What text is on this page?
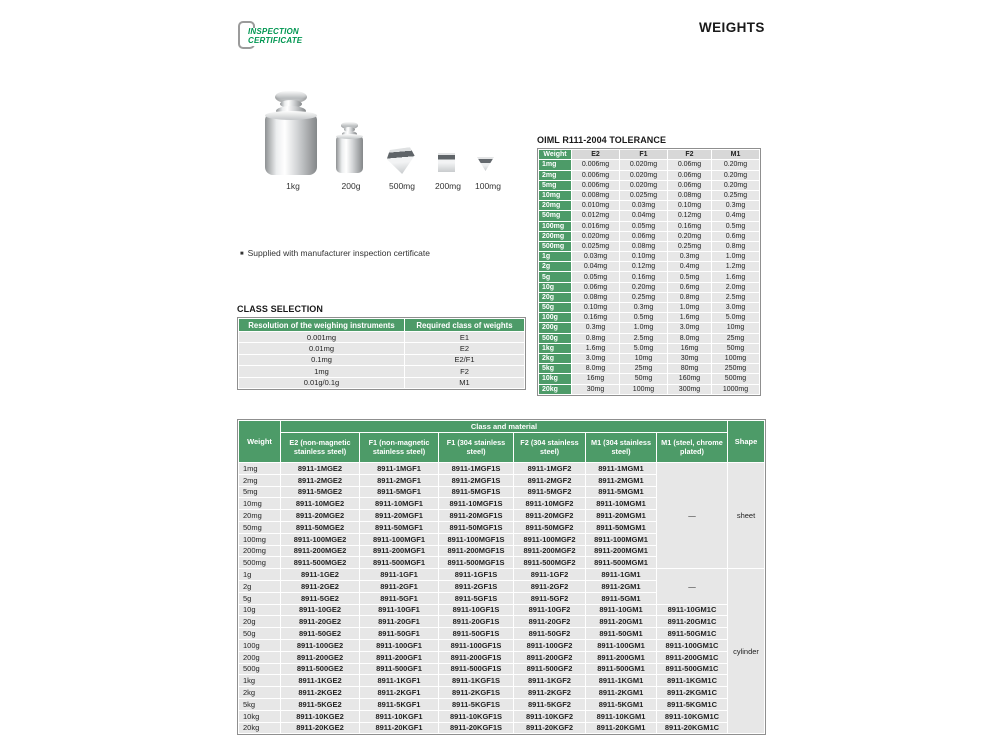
INSPECTION
CERTIFICATE
WEIGHTS
1kg	200g	500mg 200mg 100mg
■ Supplied with manufacturer inspection certificate
CLASS SELECTION
Resolution of the weighing instruments	Required class of weights
0.001mg	E1
0.01mg	E2
0.1mg	E2/F1
1mg	F2
0.01g/0.1g	M1
OIML R111-2004 TOLERANCE
Weight	E2	F1	F2	M1
1mg	0.006mg	0.020mg	0.06mg	0.20mg
2mg	0.006mg	0.020mg	0.06mg	0.20mg
5mg	0.006mg	0.020mg	0.06mg	0.20mg
10mg	0.008mg	0.025mg	0.08mg	0.25mg
20mg	0.010mg	0.03mg	0.10mg	0.3mg
50mg	0.012mg	0.04mg	0.12mg	0.4mg
100mg	0.016mg	0.05mg	0.16mg	0.5mg
200mg	0.020mg	0.06mg	0.20mg	0.6mg
500mg	0.025mg	0.08mg	0.25mg	0.8mg
1g	0.03mg	0.10mg	0.3mg	1.0mg
2g	0.04mg	0.12mg	0.4mg	1.2mg
5g	0.05mg	0.16mg	0.5mg	1.6mg
10g	0.06mg	0.20mg	0.6mg	2.0mg
20g	0.08mg	0.25mg	0.8mg	2.5mg
50g	0.10mg	0.3mg	1.0mg	3.0mg
100g	0.16mg	0.5mg	1.6mg	5.0mg
200g	0.3mg	1.0mg	3.0mg	10mg
500g	0.8mg	2.5mg	8.0mg	25mg
1kg	1.6mg	5.0mg	16mg	50mg
2kg	3.0mg	10mg	30mg	100mg
5kg	8.0mg	25mg	80mg	250mg
10kg	16mg	50mg	160mg	500mg
20kg	30mg	100mg	300mg	1000mg
Weight	Class and material						Shape
	E2 (non-magnetic stainless steel)	F1 (non-magnetic stainless steel)	F1 (304 stainless steel)	F2 (304 stainless steel)	M1 (304 stainless steel)	M1 (steel, chrome plated)	
1mg	8911-1MGE2	8911-1MGF1	8911-1MGF1S	8911-1MGF2	8911-1MGM1	—	sheet
2mg	8911-2MGE2	8911-2MGF1	8911-2MGF1S	8911-2MGF2	8911-2MGM1		
5mg	8911-5MGE2	8911-5MGF1	8911-5MGF1S	8911-5MGF2	8911-5MGM1		
10mg	8911-10MGE2	8911-10MGF1	8911-10MGF1S	8911-10MGF2	8911-10MGM1		
20mg	8911-20MGE2	8911-20MGF1	8911-20MGF1S	8911-20MGF2	8911-20MGM1		
50mg	8911-50MGE2	8911-50MGF1	8911-50MGF1S	8911-50MGF2	8911-50MGM1		
100mg	8911-100MGE2	8911-100MGF1	8911-100MGF1S	8911-100MGF2	8911-100MGM1		
200mg	8911-200MGE2	8911-200MGF1	8911-200MGF1S	8911-200MGF2	8911-200MGM1		
500mg	8911-500MGE2	8911-500MGF1	8911-500MGF1S	8911-500MGF2	8911-500MGM1		
1g	8911-1GE2	8911-1GF1	8911-1GF1S	8911-1GF2	8911-1GM1	—	cylinder
2g	8911-2GE2	8911-2GF1	8911-2GF1S	8911-2GF2	8911-2GM1		
5g	8911-5GE2	8911-5GF1	8911-5GF1S	8911-5GF2	8911-5GM1		
10g	8911-10GE2	8911-10GF1	8911-10GF1S	8911-10GF2	8911-10GM1	8911-10GM1C	
20g	8911-20GE2	8911-20GF1	8911-20GF1S	8911-20GF2	8911-20GM1	8911-20GM1C	
50g	8911-50GE2	8911-50GF1	8911-50GF1S	8911-50GF2	8911-50GM1	8911-50GM1C	
100g	8911-100GE2	8911-100GF1	8911-100GF1S	8911-100GF2	8911-100GM1	8911-100GM1C	
200g	8911-200GE2	8911-200GF1	8911-200GF1S	8911-200GF2	8911-200GM1	8911-200GM1C	
500g	8911-500GE2	8911-500GF1	8911-500GF1S	8911-500GF2	8911-500GM1	8911-500GM1C	
1kg	8911-1KGE2	8911-1KGF1	8911-1KGF1S	8911-1KGF2	8911-1KGM1	8911-1KGM1C	
2kg	8911-2KGE2	8911-2KGF1	8911-2KGF1S	8911-2KGF2	8911-2KGM1	8911-2KGM1C	
5kg	8911-5KGE2	8911-5KGF1	8911-5KGF1S	8911-5KGF2	8911-5KGM1	8911-5KGM1C	
10kg	8911-10KGE2	8911-10KGF1	8911-10KGF1S	8911-10KGF2	8911-10KGM1	8911-10KGM1C	
20kg	8911-20KGE2	8911-20KGF1	8911-20KGF1S	8911-20KGF2	8911-20KGM1	8911-20KGM1C	
